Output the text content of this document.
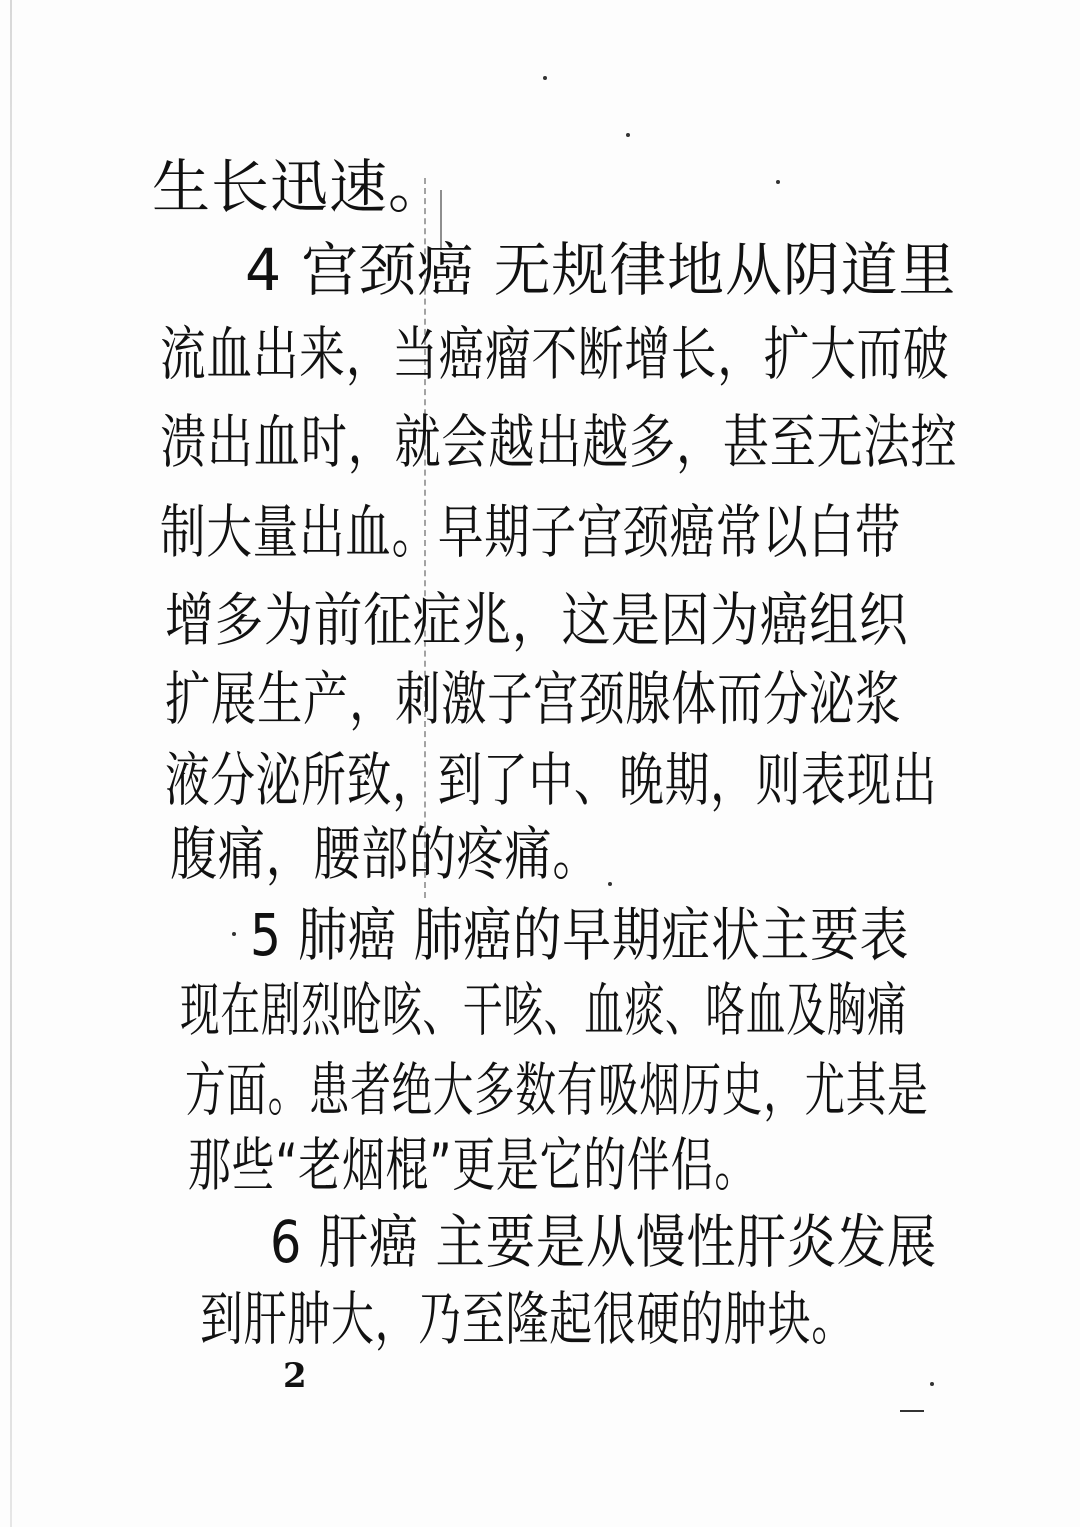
生长迅速。
4 宫颈癌 无规律地从阴道里
流血出来，当癌瘤不断增长，扩大而破
溃出血时，就会越出越多，甚至无法控
制大量出血。早期子宫颈癌常以白带
增多为前征症兆，这是因为癌组织
扩展生产，刺激子宫颈腺体而分泌浆
液分泌所致，到了中、晚期，则表现出
腹痛，腰部的疼痛。
5 肺癌 肺癌的早期症状主要表
现在剧烈呛咳、干咳、血痰、咯血及胸痛
方面。患者绝大多数有吸烟历史，尤其是
那些“老烟棍”更是它的伴侣。
6 肝癌 主要是从慢性肝炎发展
到肝肿大，乃至隆起很硬的肿块。
2
